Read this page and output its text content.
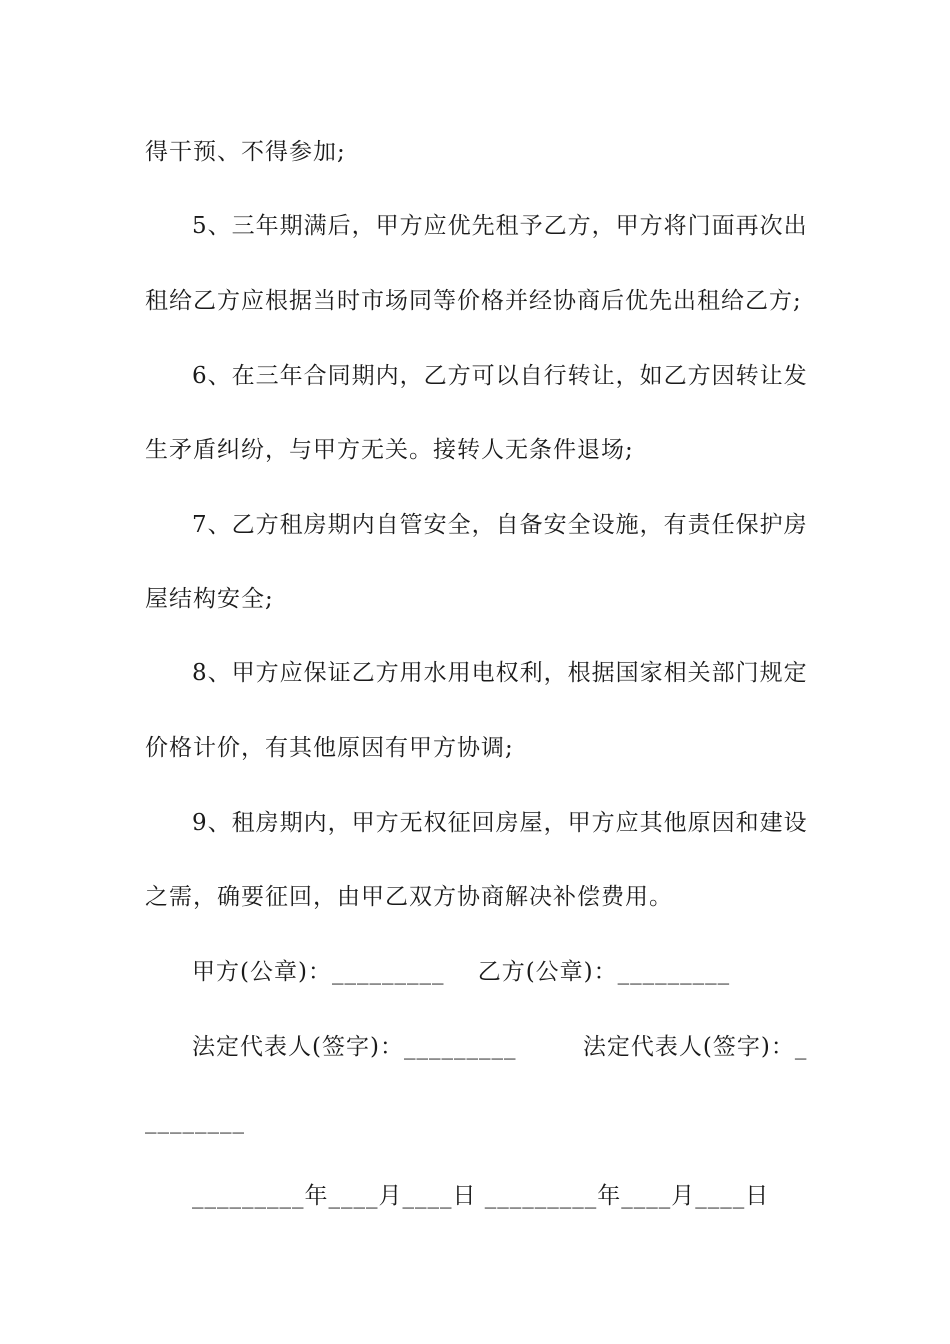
得干预、不得参加;
5、三年期满后，甲方应优先租予乙方，甲方将门面再次出
租给乙方应根据当时市场同等价格并经协商后优先出租给乙方;
6、在三年合同期内，乙方可以自行转让，如乙方因转让发
生矛盾纠纷，与甲方无关。接转人无条件退场;
7、乙方租房期内自管安全，自备安全设施，有责任保护房
屋结构安全;
8、甲方应保证乙方用水用电权利，根据国家相关部门规定
价格计价，有其他原因有甲方协调;
9、租房期内，甲方无权征回房屋，甲方应其他原因和建设
之需，确要征回，由甲乙双方协商解决补偿费用。
甲方(公章)：_________    乙方(公章)：_________
法定代表人(签字)：_________        法定代表人(签字)：_
________
_________年____月____日 _________年____月____日
